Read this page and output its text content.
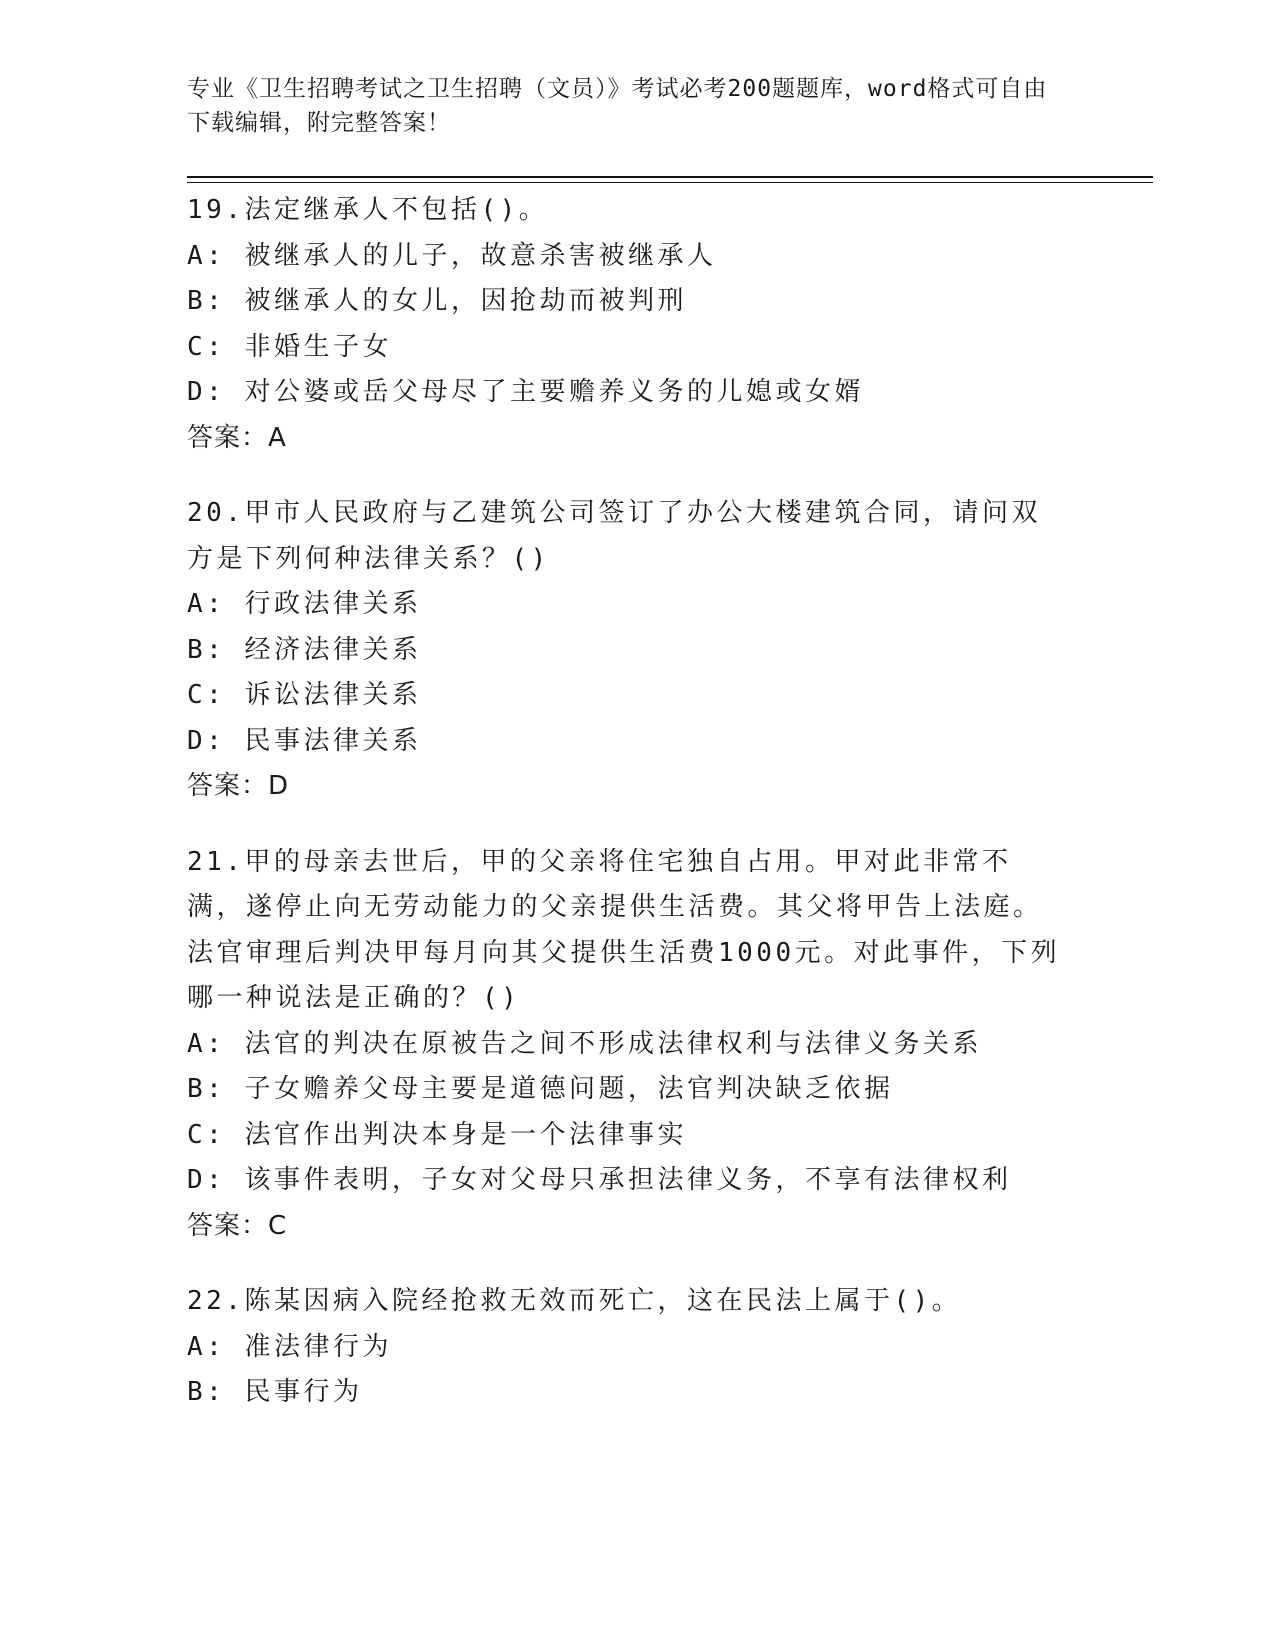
专业《卫生招聘考试之卫生招聘（文员）》考试必考200题题库，word格式可自由下载编辑，附完整答案！
19.法定继承人不包括()。
A: 被继承人的儿子，故意杀害被继承人
B: 被继承人的女儿，因抢劫而被判刑
C: 非婚生子女
D: 对公婆或岳父母尽了主要赡养义务的儿媳或女婿
答案：A
20.甲市人民政府与乙建筑公司签订了办公大楼建筑合同，请问双方是下列何种法律关系？()
A: 行政法律关系
B: 经济法律关系
C: 诉讼法律关系
D: 民事法律关系
答案：D
21.甲的母亲去世后，甲的父亲将住宅独自占用。甲对此非常不满，遂停止向无劳动能力的父亲提供生活费。其父将甲告上法庭。法官审理后判决甲每月向其父提供生活费1000元。对此事件，下列哪一种说法是正确的？()
A: 法官的判决在原被告之间不形成法律权利与法律义务关系
B: 子女赡养父母主要是道德问题，法官判决缺乏依据
C: 法官作出判决本身是一个法律事实
D: 该事件表明，子女对父母只承担法律义务，不享有法律权利
答案：C
22.陈某因病入院经抢救无效而死亡，这在民法上属于()。
A: 准法律行为
B: 民事行为
